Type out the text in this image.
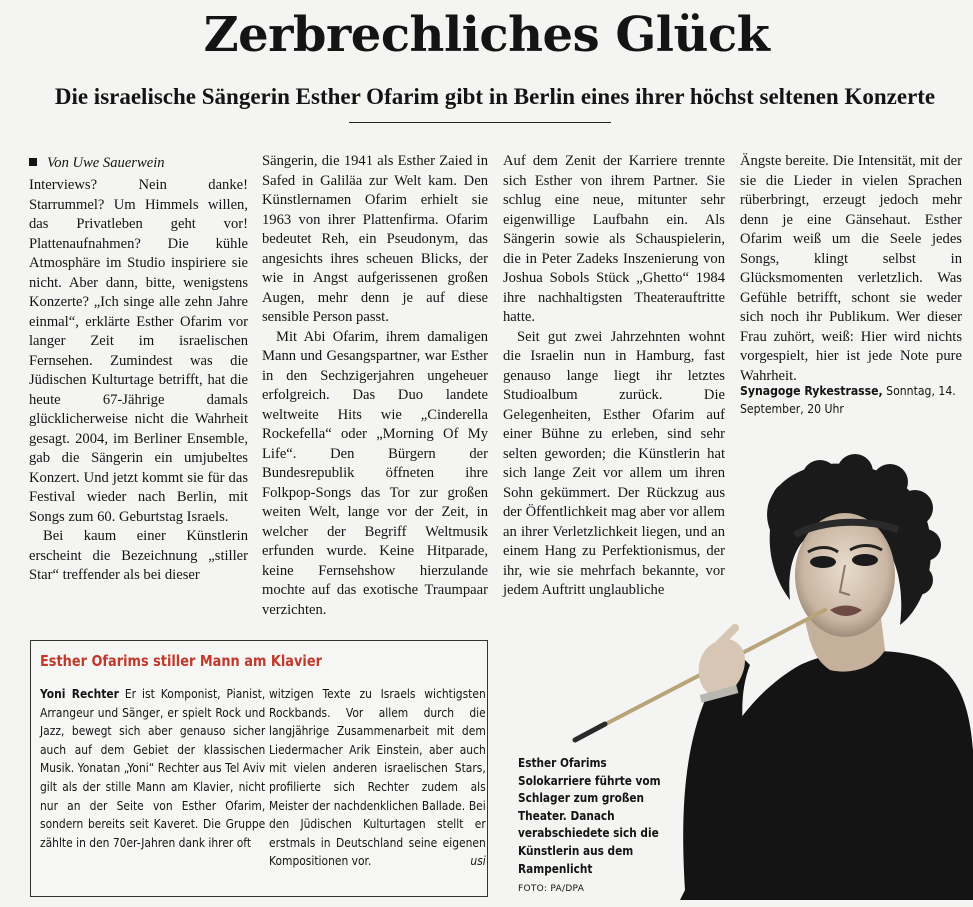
Zerbrechliches Glück
Die israelische Sängerin Esther Ofarim gibt in Berlin eines ihrer höchst seltenen Konzerte
Von Uwe Sauerwein

Interviews? Nein danke! Starrummel? Um Himmels willen, das Privatleben geht vor! Plattenaufnahmen? Die kühle Atmosphäre im Studio inspiriere sie nicht. Aber dann, bitte, wenigstens Konzerte? „Ich singe alle zehn Jahre einmal“, erklärte Esther Ofarim vor langer Zeit im israelischen Fernsehen. Zumindest was die Jüdischen Kulturtage betrifft, hat die heute 67-Jährige damals glücklicherweise nicht die Wahrheit gesagt. 2004, im Berliner Ensemble, gab die Sängerin ein umjubeltes Konzert. Und jetzt kommt sie für das Festival wieder nach Berlin, mit Songs zum 60. Geburtstag Israels.

Bei kaum einer Künstlerin erscheint die Bezeichnung „stiller Star“ treffender als bei dieser

Sängerin, die 1941 als Esther Zaied in Safed in Galiläa zur Welt kam. Den Künstlernamen Ofarim erhielt sie 1963 von ihrer Plattenfirma. Ofarim bedeutet Reh, ein Pseudonym, das angesichts ihres scheuen Blicks, der wie in Angst aufgerissenen großen Augen, mehr denn je auf diese sensible Person passt.

Mit Abi Ofarim, ihrem damaligen Mann und Gesangspartner, war Esther in den Sechzigerjahren ungeheuer erfolgreich. Das Duo landete weltweite Hits wie „Cinderella Rockefella“ oder „Morning Of My Life“. Den Bürgern der Bundesrepublik öffneten ihre Folkpop-Songs das Tor zur großen weiten Welt, lange vor der Zeit, in welcher der Begriff Weltmusik erfunden wurde. Keine Hitparade, keine Fernsehshow hierzulande mochte auf das exotische Traumpaar verzichten.

Auf dem Zenit der Karriere trennte sich Esther von ihrem Partner. Sie schlug eine neue, mitunter sehr eigenwillige Laufbahn ein. Als Sängerin sowie als Schauspielerin, die in Peter Zadeks Inszenierung von Joshua Sobols Stück „Ghetto“ 1984 ihre nachhaltigsten Theaterauftritte hatte.

Seit gut zwei Jahrzehnten wohnt die Israelin nun in Hamburg, fast genauso lange liegt ihr letztes Studioalbum zurück. Die Gelegenheiten, Esther Ofarim auf einer Bühne zu erleben, sind sehr selten geworden; die Künstlerin hat sich lange Zeit vor allem um ihren Sohn gekümmert. Der Rückzug aus der Öffentlichkeit mag aber vor allem an ihrer Verletzlichkeit liegen, und an einem Hang zu Perfektionismus, der ihr, wie sie mehrfach bekannte, vor jedem Auftritt unglaubliche

Ängste bereite. Die Intensität, mit der sie die Lieder in vielen Sprachen rüberbringt, erzeugt jedoch mehr denn je eine Gänsehaut. Esther Ofarim weiß um die Seele jedes Songs, klingt selbst in Glücksmomenten verletzlich. Was Gefühle betrifft, schont sie weder sich noch ihr Publikum. Wer dieser Frau zuhört, weiß: Hier wird nichts vorgespielt, hier ist jede Note pure Wahrheit.

Synagoge Rykestrasse, Sonntag, 14. September, 20 Uhr
Esther Ofarims stiller Mann am Klavier
Yoni Rechter Er ist Komponist, Pianist, Arrangeur und Sänger, er spielt Rock und Jazz, bewegt sich aber genauso sicher auch auf dem Gebiet der klassischen Musik. Yonatan „Yoni“ Rechter aus Tel Aviv gilt als der stille Mann am Klavier, nicht nur an der Seite von Esther Ofarim, sondern bereits seit Kaveret. Die Gruppe zählte in den 70er-Jahren dank ihrer oft
witzigen Texte zu Israels wichtigsten Rockbands. Vor allem durch die langjährige Zusammenarbeit mit dem Liedermacher Arik Einstein, aber auch mit vielen anderen israelischen Stars, profilierte sich Rechter zudem als Meister der nachdenklichen Ballade. Bei den Jüdischen Kulturtagen stellt er erstmals in Deutschland seine eigenen Kompositionen vor.	usi
Esther Ofarims Solokarriere führte vom Schlager zum großen Theater. Danach verabschiedete sich die Künstlerin aus dem Rampenlicht
FOTO: PA/DPA
